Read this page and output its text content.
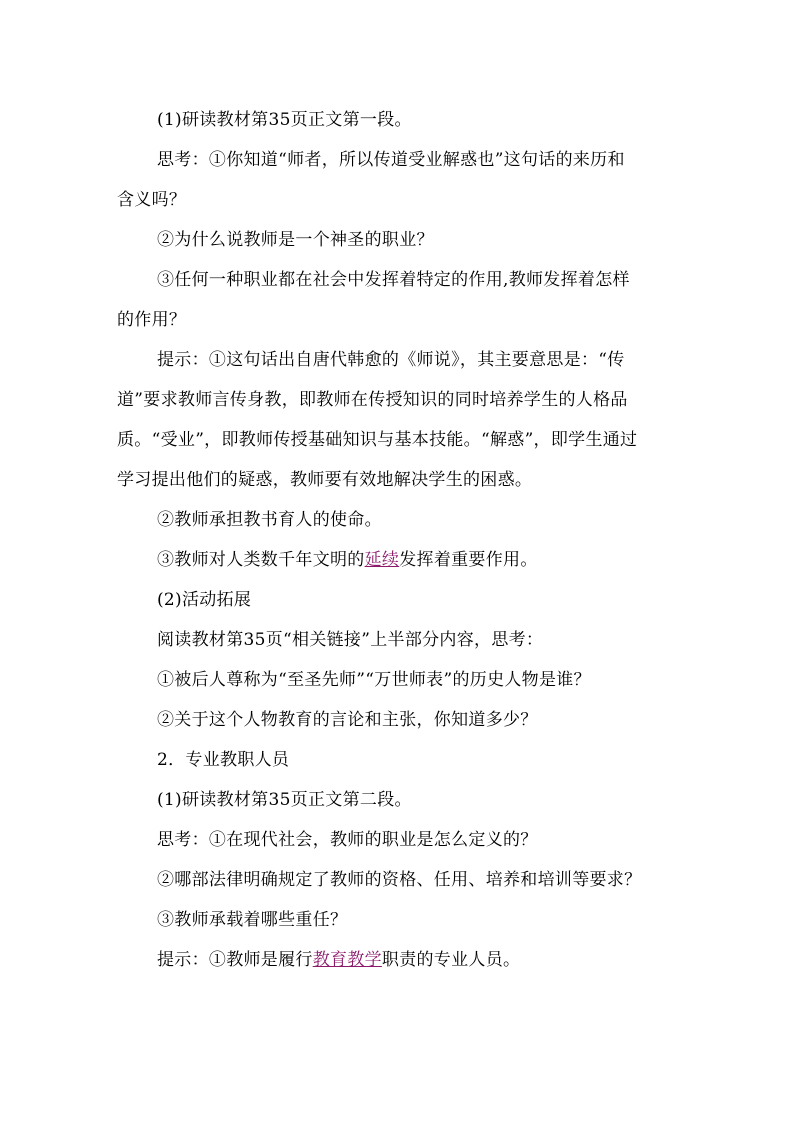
(1)研读教材第35页正文第一段。

思考：①你知道“师者，所以传道受业解惑也”这句话的来历和

含义吗？

②为什么说教师是一个神圣的职业？

③任何一种职业都在社会中发挥着特定的作用,教师发挥着怎样

的作用？

提示：①这句话出自唐代韩愈的《师说》，其主要意思是：“传

道”要求教师言传身教，即教师在传授知识的同时培养学生的人格品

质。“受业”，即教师传授基础知识与基本技能。“解惑”，即学生通过

学习提出他们的疑惑，教师要有效地解决学生的困惑。

②教师承担教书育人的使命。

③教师对人类数千年文明的延续发挥着重要作用。

(2)活动拓展

阅读教材第35页“相关链接”上半部分内容，思考：

①被后人尊称为“至圣先师”“万世师表”的历史人物是谁？

②关于这个人物教育的言论和主张，你知道多少？

2．专业教职人员

(1)研读教材第35页正文第二段。

思考：①在现代社会，教师的职业是怎么定义的？

②哪部法律明确规定了教师的资格、任用、培养和培训等要求？

③教师承载着哪些重任？

提示：①教师是履行教育教学职责的专业人员。
